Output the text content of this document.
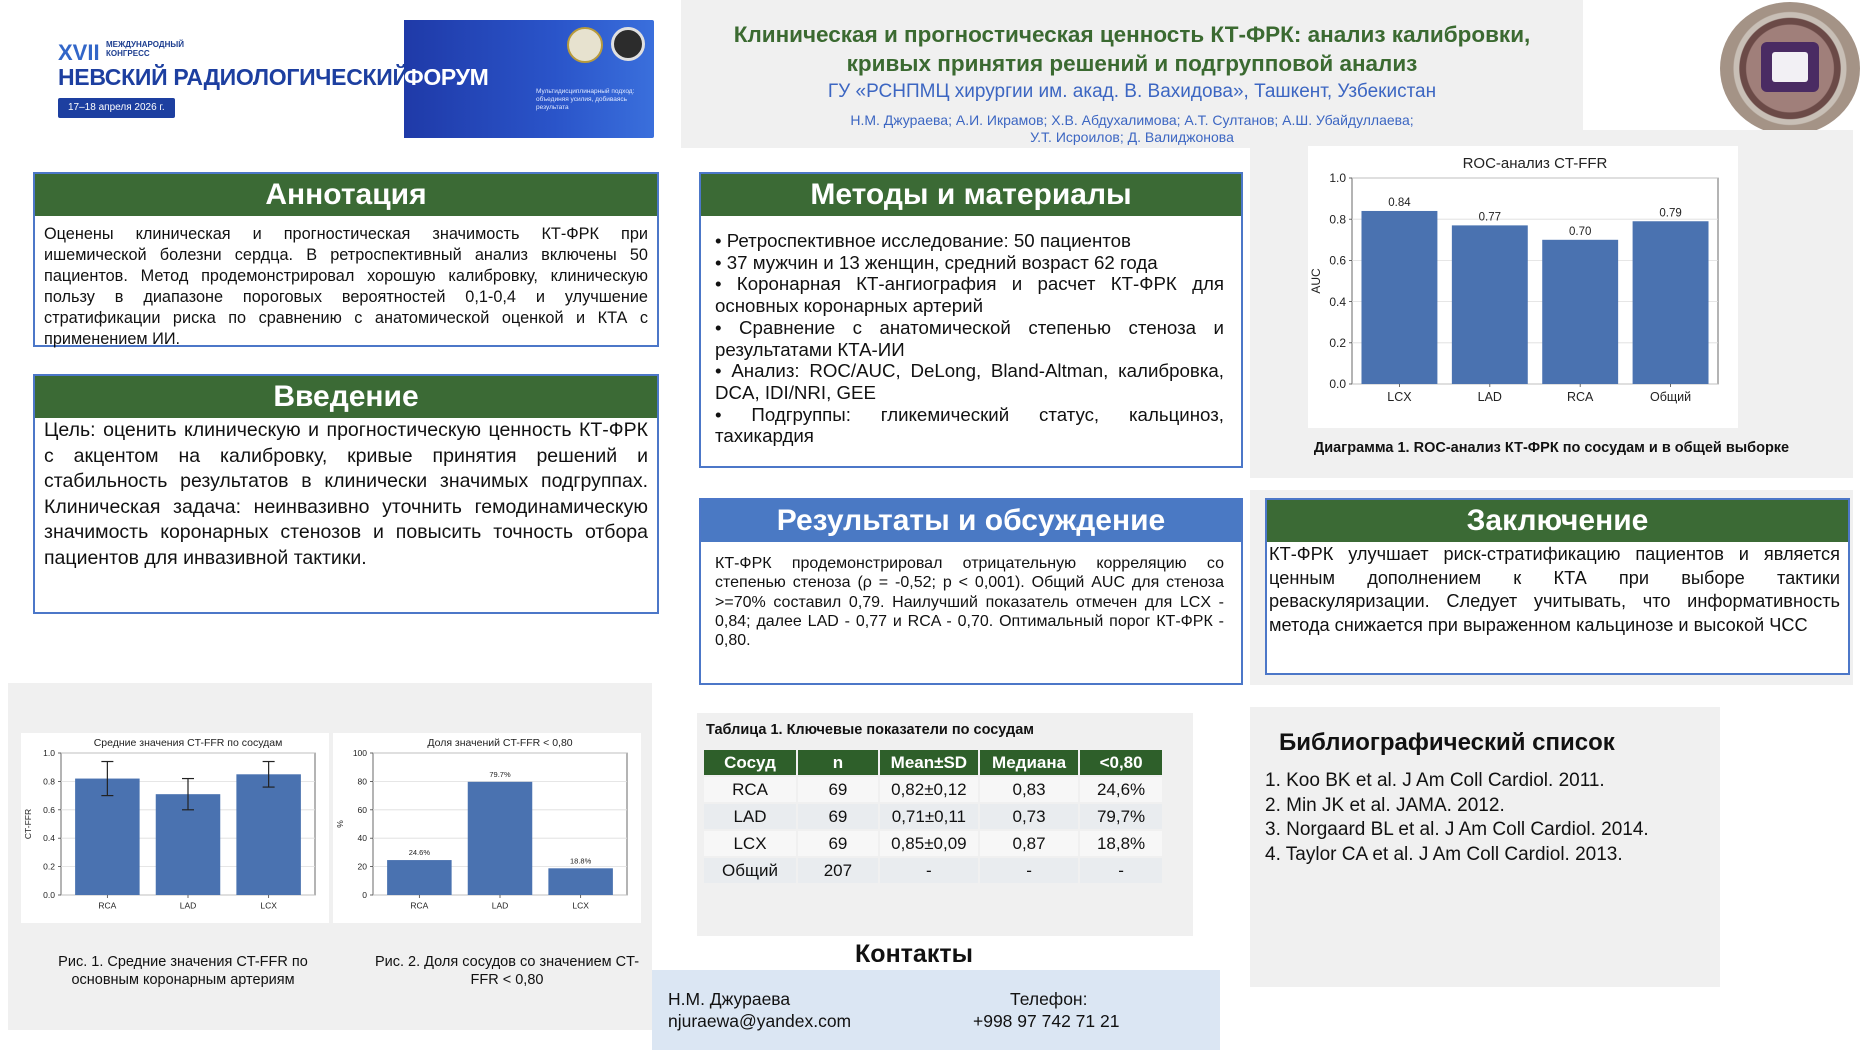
XVII МЕЖДУНАРОДНЫЙ КОНГРЕСС
НЕВСКИЙ РАДИОЛОГИЧЕСКИЙ
ФОРУМ
17–18 апреля 2026 г.
Мультидисциплинарный подход: объединяя усилия, добиваясь результата
Клиническая и прогностическая ценность КТ-ФРК: анализ калибровки,
кривых принятия решений и подгрупповой анализ
ГУ «РСНПМЦ хирургии им. акад. В. Вахидова», Ташкент, Узбекистан
Н.М. Джураева; А.И. Икрамов; Х.В. Абдухалимова; А.Т. Султанов; А.Ш. Убайдуллаева;
У.Т. Исроилов; Д. Валиджонова
Аннотация
Оценены клиническая и прогностическая значимость КТ-ФРК при ишемической болезни сердца. В ретроспективный анализ включены 50 пациентов. Метод продемонстрировал хорошую калибровку, клиническую пользу в диапазоне пороговых вероятностей 0,1-0,4 и улучшение стратификации риска по сравнению с анатомической оценкой и КТА с применением ИИ.
Введение
Цель: оценить клиническую и прогностическую ценность КТ-ФРК с акцентом на калибровку, кривые принятия решений и стабильность результатов в клинически значимых подгруппах. Клиническая задача: неинвазивно уточнить гемодинамическую значимость коронарных стенозов и повысить точность отбора пациентов для инвазивной тактики.
Методы и материалы
• Ретроспективное исследование: 50 пациентов
• 37 мужчин и 13 женщин, средний возраст 62 года
• Коронарная КТ-ангиография и расчет КТ-ФРК для основных коронарных артерий
• Сравнение с анатомической степенью стеноза и результатами КТА-ИИ
• Анализ: ROC/AUC, DeLong, Bland-Altman, калибровка, DCA, IDI/NRI, GEE
• Подгруппы: гликемический статус, кальциноз, тахикардия
Результаты и обсуждение
КТ-ФРК продемонстрировал отрицательную корреляцию со степенью стеноза (ρ = -0,52; p < 0,001). Общий AUC для стеноза >=70% составил 0,79. Наилучший показатель отмечен для LCX - 0,84; далее LAD - 0,77 и RCA - 0,70. Оптимальный порог КТ-ФРК - 0,80.
ROC-анализ CT-FFR
0.0
0.2
0.4
0.6
0.8
1.0
AUC
LCX
0.84
LAD
0.77
RCA
0.70
Общий
0.79
Диаграмма 1. ROC-анализ КТ-ФРК по сосудам и в общей выборке
Заключение
КТ-ФРК улучшает риск-стратификацию пациентов и является ценным дополнением к КТА при выборе тактики реваскуляризации. Следует учитывать, что информативность метода снижается при выраженном кальцинозе и высокой ЧСС
Средние значения CT-FFR по сосудам
0.0
0.2
0.4
0.6
0.8
1.0
CT-FFR
RCA	LAD	LCX
Доля значений CT-FFR < 0,80
0
20
40
60
80
100
%
RCA
24.6%
LAD
79.7%
LCX
18.8%
Рис. 1. Средние значения CT-FFR по основным коронарным артериям
Рис. 2. Доля сосудов со значением CT-FFR < 0,80
Таблица 1. Ключевые показатели по сосудам
Сосуд	n	Mean±SD	Медиана	<0,80
RCA	69	0,82±0,12	0,83	24,6%
LAD	69	0,71±0,11	0,73	79,7%
LCX	69	0,85±0,09	0,87	18,8%
Общий	207	-	-	-
Библиографический список
1. Koo BK et al. J Am Coll Cardiol. 2011.
2. Min JK et al. JAMA. 2012.
3. Norgaard BL et al. J Am Coll Cardiol. 2014.
4. Taylor CA et al. J Am Coll Cardiol. 2013.
Контакты
Н.М. Джураева
njuraewa@yandex.com
Телефон:
+998 97 742 71 21
